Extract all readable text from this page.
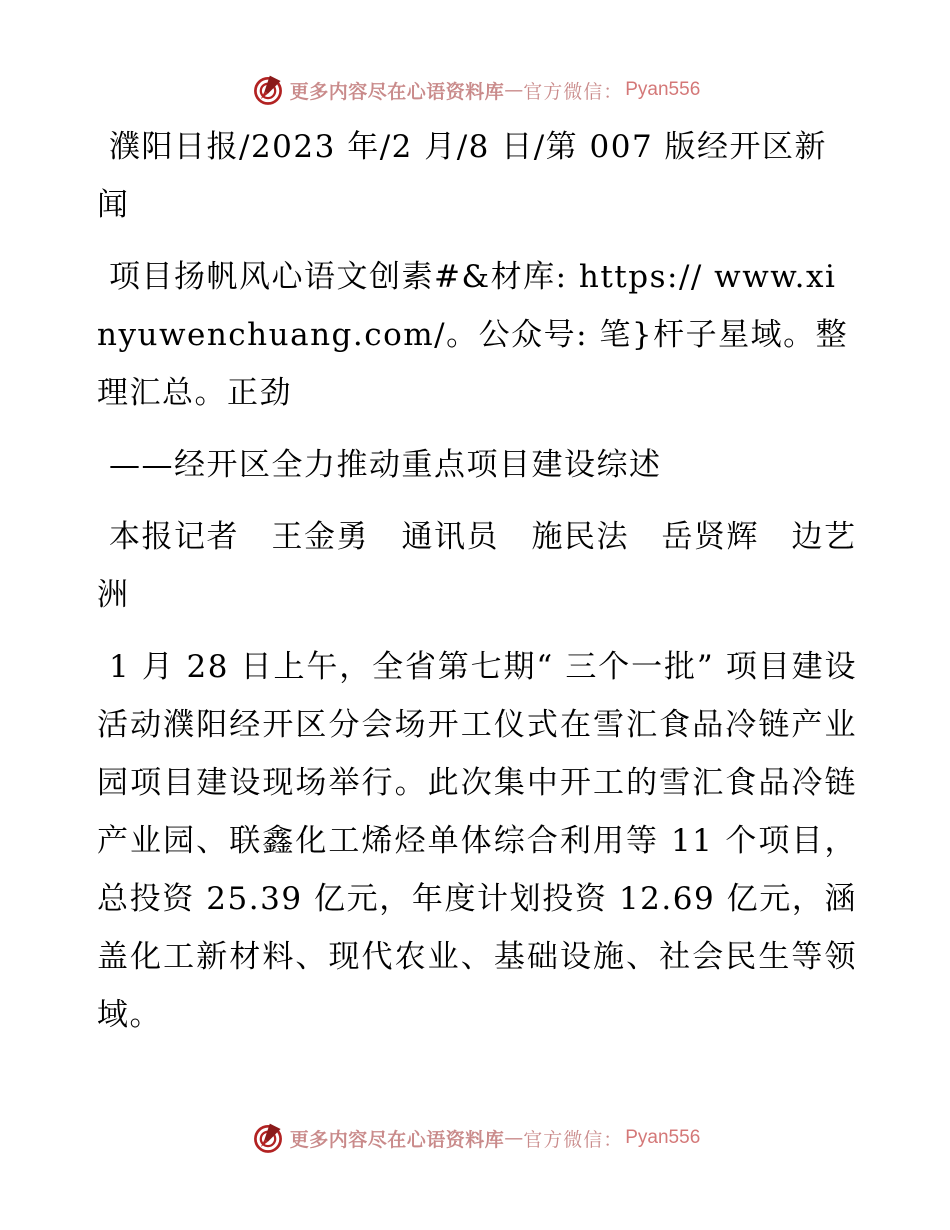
更多内容尽在心语资料库 — 官方微信： Pyan556

濮阳日报/2023 年/2 月/8 日/第 007 版经开区新闻

项目扬帆风心语文创素#&材库: https:// www.xinyuwenchuang.com/。公众号: 笔}杆子星域。整理汇总。正劲

——经开区全力推动重点项目建设综述

本报记者　王金勇　通讯员　施民法　岳贤辉　边艺洲

1 月 28 日上午，全省第七期“ 三个一批” 项目建设活动濮阳经开区分会场开工仪式在雪汇食品冷链产业园项目建设现场举行。此次集中开工的雪汇食品冷链产业园、联鑫化工烯烃单体综合利用等 11 个项目，总投资 25.39 亿元，年度计划投资 12.69 亿元，涵盖化工新材料、现代农业、基础设施、社会民生等领域。

更多内容尽在心语资料库 — 官方微信： Pyan556
